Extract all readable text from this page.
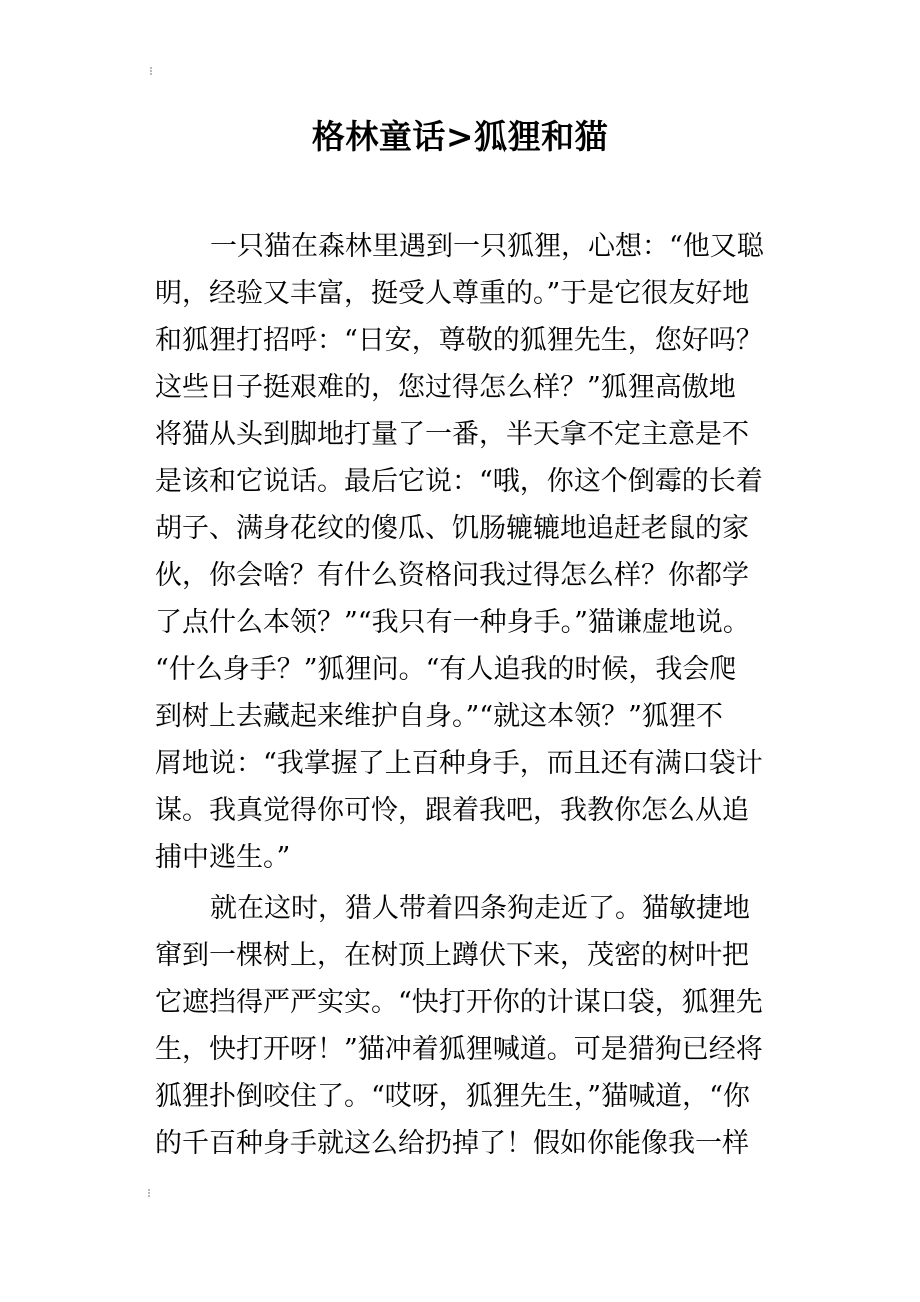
格林童话>狐狸和猫
一只猫在森林里遇到一只狐狸，心想：“他又聪
明，经验又丰富，挺受人尊重的。”于是它很友好地
和狐狸打招呼：“日安，尊敬的狐狸先生，您好吗？
这些日子挺艰难的，您过得怎么样？”狐狸高傲地
将猫从头到脚地打量了一番，半天拿不定主意是不
是该和它说话。最后它说：“哦，你这个倒霉的长着
胡子、满身花纹的傻瓜、饥肠辘辘地追赶老鼠的家
伙，你会啥？有什么资格问我过得怎么样？你都学
了点什么本领？”“我只有一种身手。”猫谦虚地说。
“什么身手？”狐狸问。“有人追我的时候，我会爬
到树上去藏起来维护自身。”“就这本领？”狐狸不
屑地说：“我掌握了上百种身手，而且还有满口袋计
谋。我真觉得你可怜，跟着我吧，我教你怎么从追
捕中逃生。”
就在这时，猎人带着四条狗走近了。猫敏捷地
窜到一棵树上，在树顶上蹲伏下来，茂密的树叶把
它遮挡得严严实实。“快打开你的计谋口袋，狐狸先
生，快打开呀！”猫冲着狐狸喊道。可是猎狗已经将
狐狸扑倒咬住了。“哎呀，狐狸先生，”猫喊道，“你
的千百种身手就这么给扔掉了！假如你能像我一样
